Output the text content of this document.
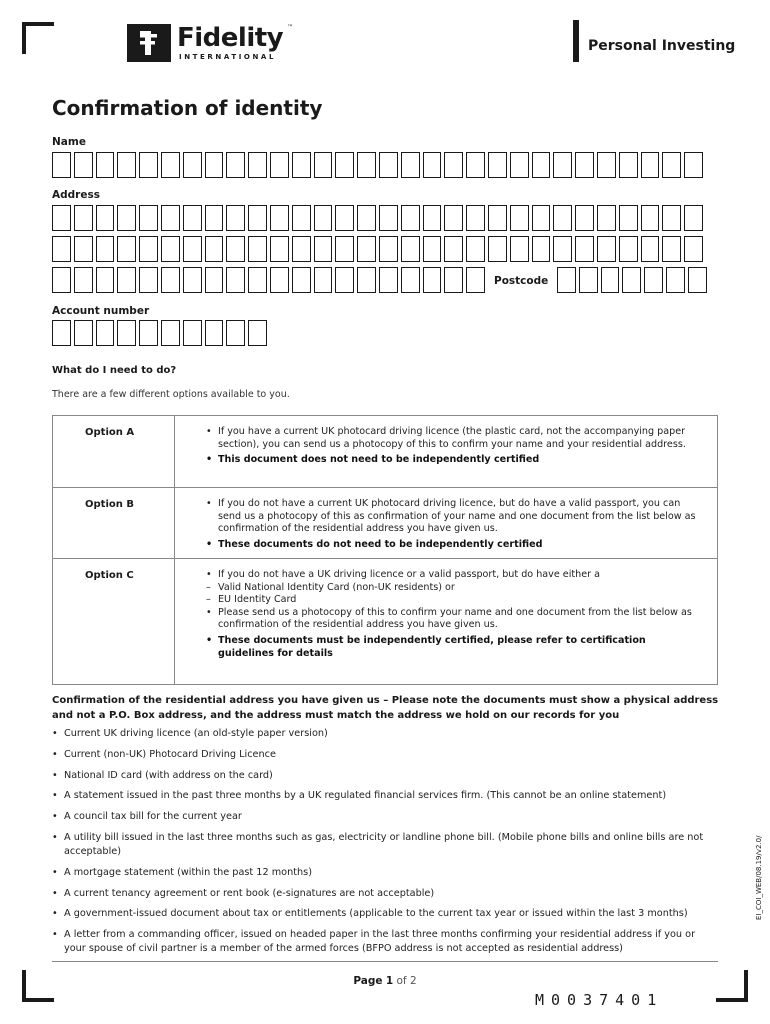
Fidelity ™
INTERNATIONAL
Personal Investing
Confirmation of identity
Name
Address
Postcode
Account number
What do I need to do?
There are a few different options available to you.
Option A	• If you have a current UK photocard driving licence (the plastic card, not the accompanying paper section), you can send us a photocopy of this to confirm your name and your residential address.
• This document does not need to be independently certified
Option B	• If you do not have a current UK photocard driving licence, but do have a valid passport, you can send us a photocopy of this as confirmation of your name and one document from the list below as confirmation of the residential address you have given us.
• These documents do not need to be independently certified
Option C	• If you do not have a UK driving licence or a valid passport, but do have either a
– Valid National Identity Card (non-UK residents) or
– EU Identity Card
• Please send us a photocopy of this to confirm your name and one document from the list below as confirmation of the residential address you have given us.
• These documents must be independently certified, please refer to certification guidelines for details
Confirmation of the residential address you have given us – Please note the documents must show a physical address and not a P.O. Box address, and the address must match the address we hold on our records for you
• Current UK driving licence (an old-style paper version)
• Current (non-UK) Photocard Driving Licence
• National ID card (with address on the card)
• A statement issued in the past three months by a UK regulated financial services firm. (This cannot be an online statement)
• A council tax bill for the current year
• A utility bill issued in the last three months such as gas, electricity or landline phone bill. (Mobile phone bills and online bills are not acceptable)
• A mortgage statement (within the past 12 months)
• A current tenancy agreement or rent book (e-signatures are not acceptable)
• A government-issued document about tax or entitlements (applicable to the current tax year or issued within the last 3 months)
• A letter from a commanding officer, issued on headed paper in the last three months confirming your residential address if you or your spouse of civil partner is a member of the armed forces (BFPO address is not accepted as residential address)
EI_COI_WEB/08.19/v2.0/
Page 1 of 2
M0037401
